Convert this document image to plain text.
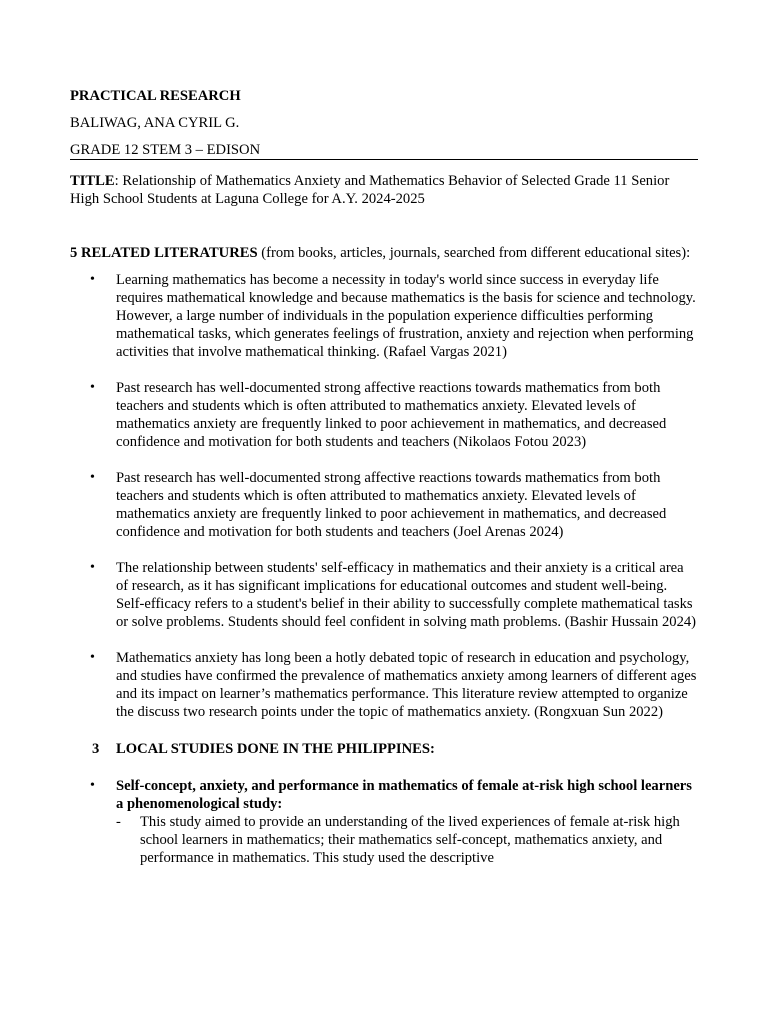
PRACTICAL RESEARCH
BALIWAG, ANA CYRIL G.
GRADE 12 STEM 3 – EDISON

TITLE: Relationship of Mathematics Anxiety and Mathematics Behavior of Selected Grade 11 Senior High School Students at Laguna College for A.Y. 2024-2025

5 RELATED LITERATURES (from books, articles, journals, searched from different educational sites):

• Learning mathematics has become a necessity in today's world since success in everyday life requires mathematical knowledge and because mathematics is the basis for science and technology. However, a large number of individuals in the population experience difficulties performing mathematical tasks, which generates feelings of frustration, anxiety and rejection when performing activities that involve mathematical thinking. (Rafael Vargas 2021)
• Past research has well-documented strong affective reactions towards mathematics from both teachers and students which is often attributed to mathematics anxiety. Elevated levels of mathematics anxiety are frequently linked to poor achievement in mathematics, and decreased confidence and motivation for both students and teachers (Nikolaos Fotou 2023)
• Past research has well-documented strong affective reactions towards mathematics from both teachers and students which is often attributed to mathematics anxiety. Elevated levels of mathematics anxiety are frequently linked to poor achievement in mathematics, and decreased confidence and motivation for both students and teachers (Joel Arenas 2024)
• The relationship between students' self-efficacy in mathematics and their anxiety is a critical area of research, as it has significant implications for educational outcomes and student well-being. Self-efficacy refers to a student's belief in their ability to successfully complete mathematical tasks or solve problems. Students should feel confident in solving math problems. (Bashir Hussain 2024)
• Mathematics anxiety has long been a hotly debated topic of research in education and psychology, and studies have confirmed the prevalence of mathematics anxiety among learners of different ages and its impact on learner’s mathematics performance. This literature review attempted to organize the discuss two research points under the topic of mathematics anxiety. (Rongxuan Sun 2022)
3 LOCAL STUDIES DONE IN THE PHILIPPINES:
• Self-concept, anxiety, and performance in mathematics of female at-risk high school learners a phenomenological study:
- This study aimed to provide an understanding of the lived experiences of female at-risk high school learners in mathematics; their mathematics self-concept, mathematics anxiety, and performance in mathematics. This study used the descriptive
